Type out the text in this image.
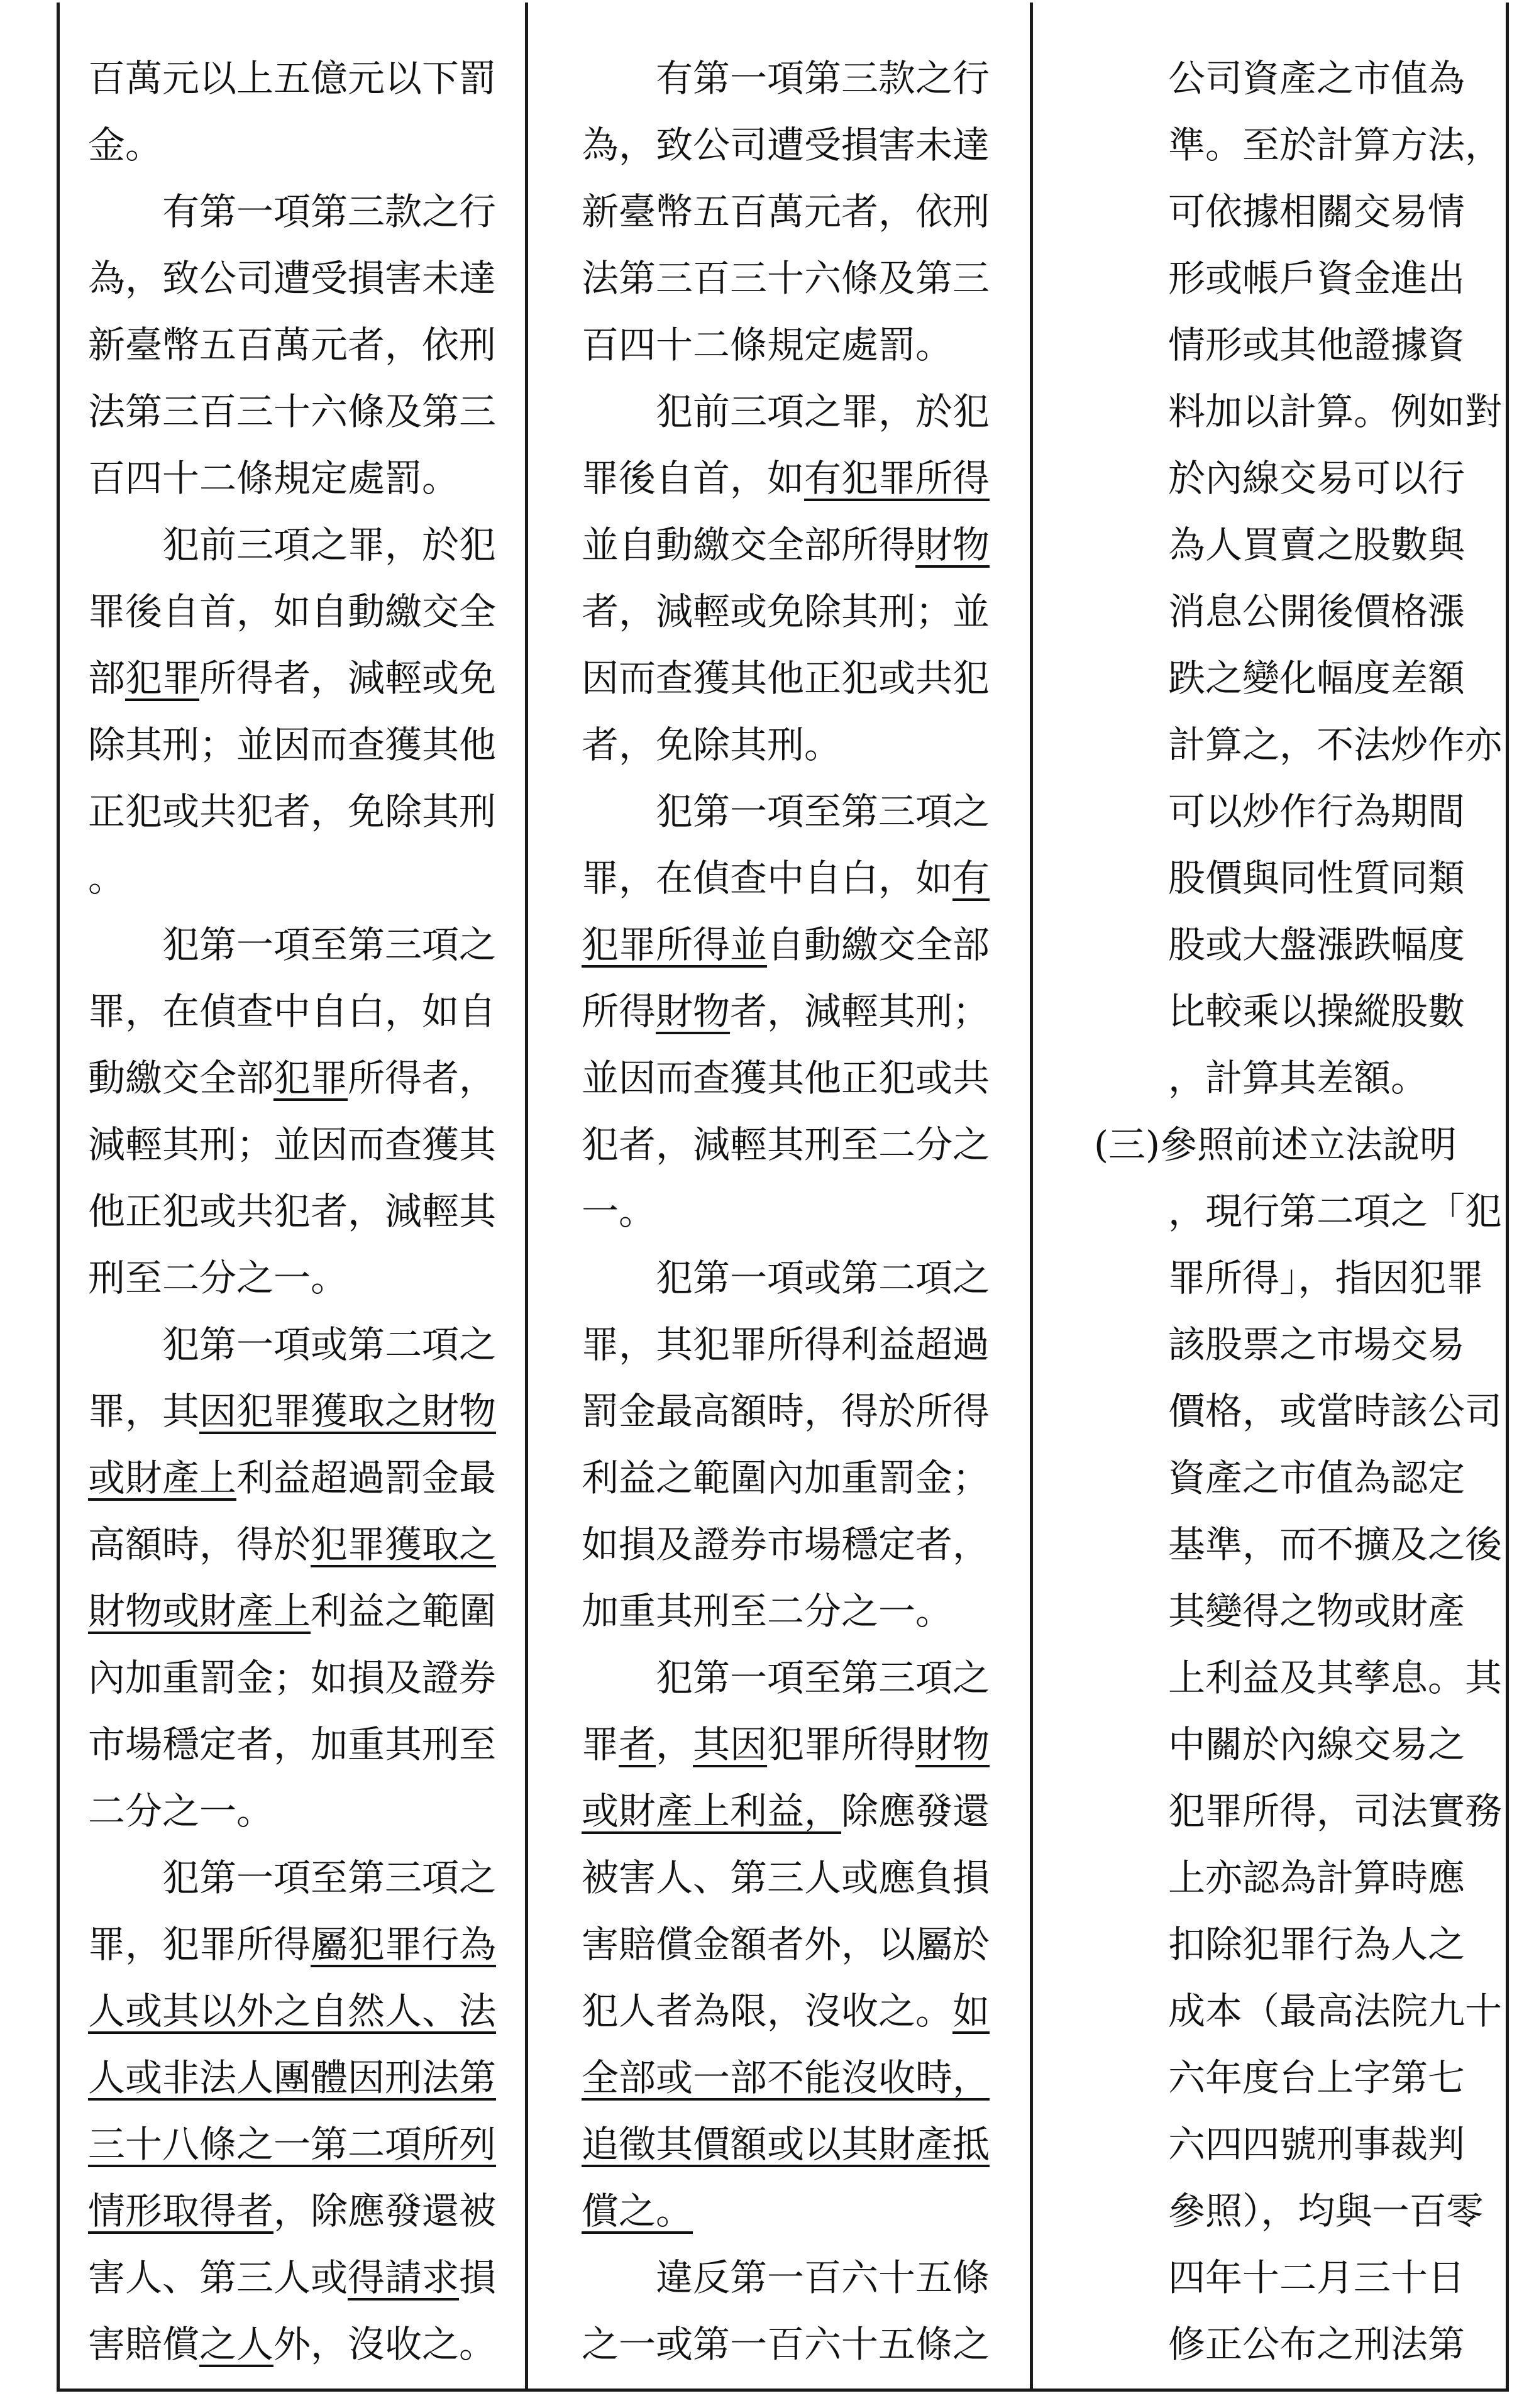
百萬元以上五億元以下罰
金。
　　有第一項第三款之行
為，致公司遭受損害未達
新臺幣五百萬元者，依刑
法第三百三十六條及第三
百四十二條規定處罰。
　　犯前三項之罪，於犯
罪後自首，如自動繳交全
部犯罪所得者，減輕或免
除其刑；並因而查獲其他
正犯或共犯者，免除其刑
。
　　犯第一項至第三項之
罪，在偵查中自白，如自
動繳交全部犯罪所得者，
減輕其刑；並因而查獲其
他正犯或共犯者，減輕其
刑至二分之一。
　　犯第一項或第二項之
罪，其因犯罪獲取之財物
或財產上利益超過罰金最
高額時，得於犯罪獲取之
財物或財產上利益之範圍
內加重罰金；如損及證券
市場穩定者，加重其刑至
二分之一。
　　犯第一項至第三項之
罪，犯罪所得屬犯罪行為
人或其以外之自然人、法
人或非法人團體因刑法第
三十八條之一第二項所列
情形取得者，除應發還被
害人、第三人或得請求損
害賠償之人外，沒收之。
　　有第一項第三款之行
為，致公司遭受損害未達
新臺幣五百萬元者，依刑
法第三百三十六條及第三
百四十二條規定處罰。
　　犯前三項之罪，於犯
罪後自首，如有犯罪所得
並自動繳交全部所得財物
者，減輕或免除其刑；並
因而查獲其他正犯或共犯
者，免除其刑。
　　犯第一項至第三項之
罪，在偵查中自白，如有
犯罪所得並自動繳交全部
所得財物者，減輕其刑；
並因而查獲其他正犯或共
犯者，減輕其刑至二分之
一。
　　犯第一項或第二項之
罪，其犯罪所得利益超過
罰金最高額時，得於所得
利益之範圍內加重罰金；
如損及證券市場穩定者，
加重其刑至二分之一。
　　犯第一項至第三項之
罪者，其因犯罪所得財物
或財產上利益，除應發還
被害人、第三人或應負損
害賠償金額者外，以屬於
犯人者為限，沒收之。如
全部或一部不能沒收時，
追徵其價額或以其財產抵
償之。
　　違反第一百六十五條
之一或第一百六十五條之
　　公司資產之市值為
　　準。至於計算方法，
　　可依據相關交易情
　　形或帳戶資金進出
　　情形或其他證據資
　　料加以計算。例如對
　　於內線交易可以行
　　為人買賣之股數與
　　消息公開後價格漲
　　跌之變化幅度差額
　　計算之，不法炒作亦
　　可以炒作行為期間
　　股價與同性質同類
　　股或大盤漲跌幅度
　　比較乘以操縱股數
　　，計算其差額。
(三)參照前述立法說明
　　，現行第二項之「犯
　　罪所得」，指因犯罪
　　該股票之市場交易
　　價格，或當時該公司
　　資產之市值為認定
　　基準，而不擴及之後
　　其變得之物或財產
　　上利益及其孳息。其
　　中關於內線交易之
　　犯罪所得，司法實務
　　上亦認為計算時應
　　扣除犯罪行為人之
　　成本（最高法院九十
　　六年度台上字第七
　　六四四號刑事裁判
　　參照），均與一百零
　　四年十二月三十日
　　修正公布之刑法第
